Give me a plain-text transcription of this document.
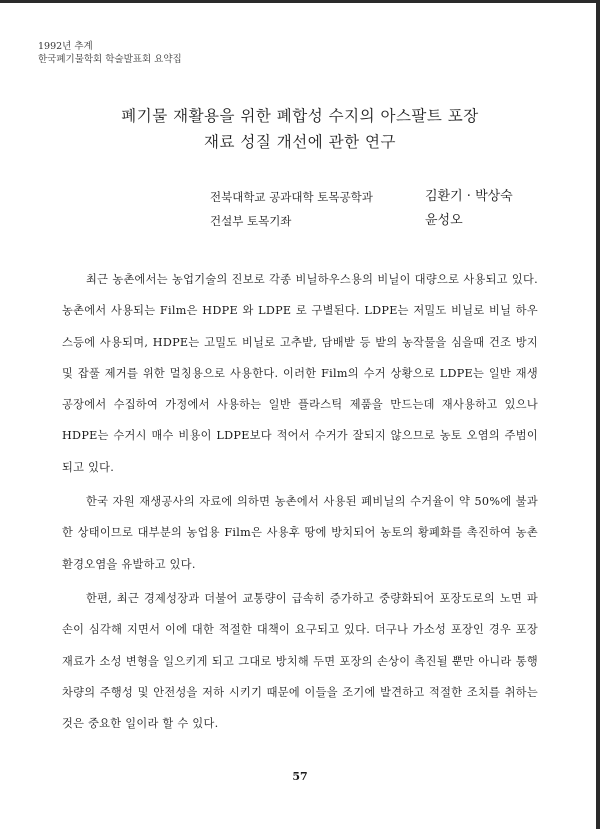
1992년 추계
한국폐기물학회 학술발표회 요약집
폐기물 재활용을 위한 폐합성 수지의 아스팔트 포장
재료 성질 개선에 관한 연구
전북대학교 공과대학 토목공학과	김환기 · 박상숙
건설부 토목기좌	윤성오

최근 농촌에서는 농업기술의 진보로 각종 비닐하우스용의 비닐이 대량으로 사용되고 있다. 농촌에서 사용되는 Film은 HDPE 와 LDPE 로 구별된다. LDPE는 저밀도 비닐로 비닐 하우스등에 사용되며, HDPE는 고밀도 비닐로 고추밭, 담배밭 등 밭의 농작물을 심을때 건조 방지 및 잡풀 제거를 위한 멀칭용으로 사용한다. 이러한 Film의 수거 상황으로 LDPE는 일반 재생 공장에서 수집하여 가정에서 사용하는 일반 플라스틱 제품을 만드는데 재사용하고 있으나 HDPE는 수거시 매수 비용이 LDPE보다 적어서 수거가 잘되지 않으므로 농토 오염의 주범이 되고 있다.

한국 자원 재생공사의 자료에 의하면 농촌에서 사용된 폐비닐의 수거율이 약 50%에 불과한 상태이므로 대부분의 농업용 Film은 사용후 땅에 방치되어 농토의 황폐화를 촉진하여 농촌 환경오염을 유발하고 있다.

한편, 최근 경제성장과 더불어 교통량이 급속히 증가하고 중량화되어 포장도로의 노면 파손이 심각해 지면서 이에 대한 적절한 대책이 요구되고 있다. 더구나 가소성 포장인 경우 포장 재료가 소성 변형을 일으키게 되고 그대로 방치해 두면 포장의 손상이 촉진될 뿐만 아니라 통행 차량의 주행성 및 안전성을 저하 시키기 때문에 이들을 조기에 발견하고 적절한 조치를 취하는 것은 중요한 일이라 할 수 있다.

57
